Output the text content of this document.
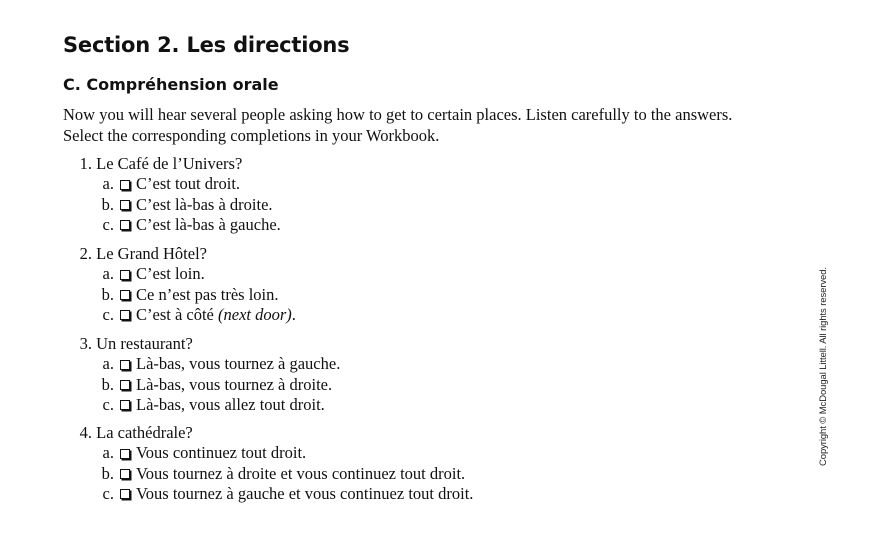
Section 2. Les directions
C. Compréhension orale

Now you will hear several people asking how to get to certain places. Listen carefully to the answers. Select the corresponding completions in your Workbook.

1. Le Café de l’Univers?
a. C’est tout droit.
b. C’est là-bas à droite.
c. C’est là-bas à gauche.
2. Le Grand Hôtel?
a. C’est loin.
b. Ce n’est pas très loin.
c. C’est à côté (next door).
3. Un restaurant?
a. Là-bas, vous tournez à gauche.
b. Là-bas, vous tournez à droite.
c. Là-bas, vous allez tout droit.
4. La cathédrale?
a. Vous continuez tout droit.
b. Vous tournez à droite et vous continuez tout droit.
c. Vous tournez à gauche et vous continuez tout droit.
Copyright © McDougal Littell. All rights reserved.
